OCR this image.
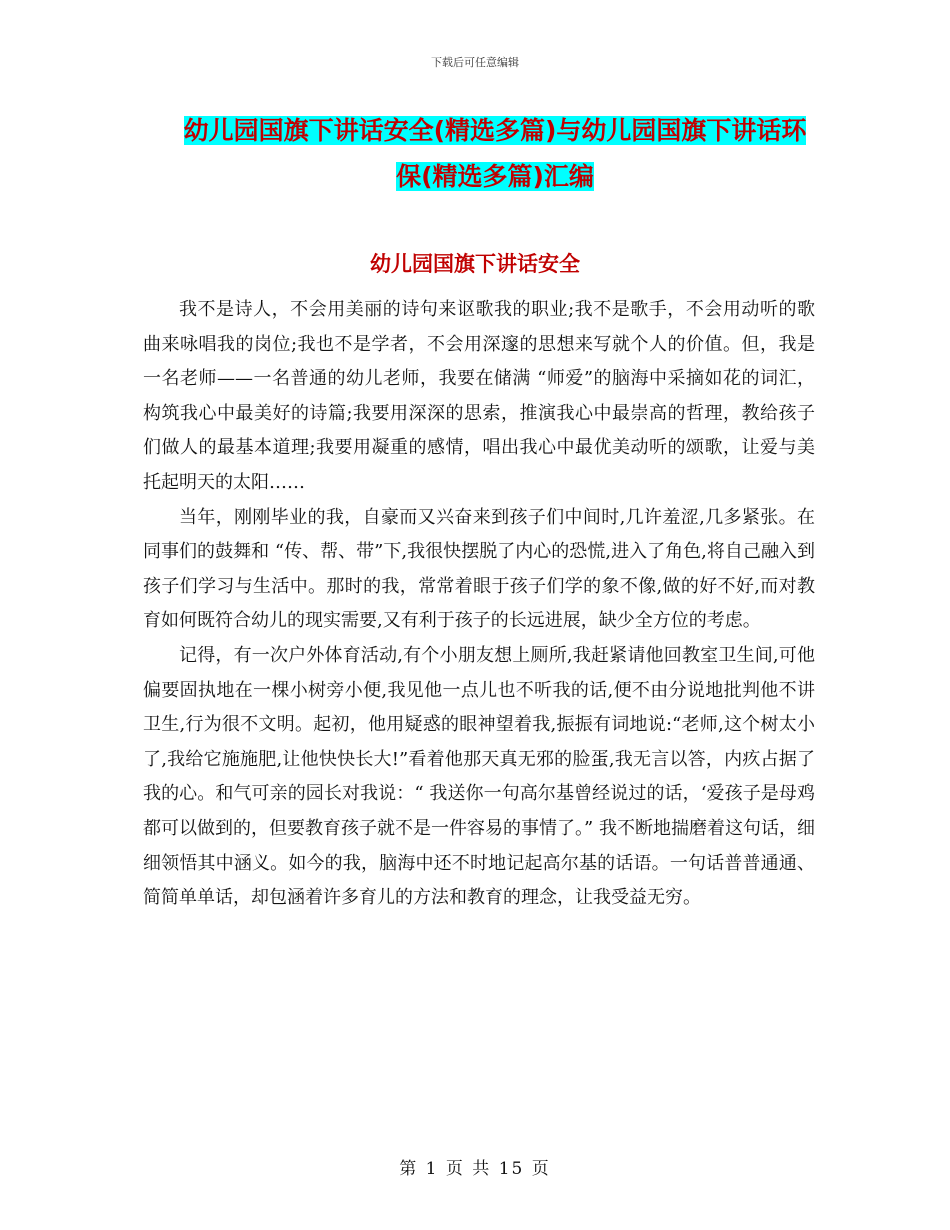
下载后可任意编辑
幼儿园国旗下讲话安全(精选多篇)与幼儿园国旗下讲话环保(精选多篇)汇编
幼儿园国旗下讲话安全

我不是诗人，不会用美丽的诗句来讴歌我的职业;我不是歌手，不会用动听的歌曲来咏唱我的岗位;我也不是学者，不会用深邃的思想来写就个人的价值。但，我是一名老师——一名普通的幼儿老师，我要在储满 “师爱”的脑海中采摘如花的词汇，构筑我心中最美好的诗篇;我要用深深的思索，推演我心中最崇高的哲理，教给孩子们做人的最基本道理;我要用凝重的感情，唱出我心中最优美动听的颂歌，让爱与美托起明天的太阳……

当年，刚刚毕业的我，自豪而又兴奋来到孩子们中间时,几许羞涩,几多紧张。在同事们的鼓舞和 “传、帮、带”下,我很快摆脱了内心的恐慌,进入了角色,将自己融入到孩子们学习与生活中。那时的我，常常着眼于孩子们学的象不像,做的好不好,而对教育如何既符合幼儿的现实需要,又有利于孩子的长远进展，缺少全方位的考虑。

记得，有一次户外体育活动,有个小朋友想上厕所,我赶紧请他回教室卫生间,可他偏要固执地在一棵小树旁小便,我见他一点儿也不听我的话,便不由分说地批判他不讲卫生,行为很不文明。起初，他用疑惑的眼神望着我,振振有词地说:“老师,这个树太小了,我给它施施肥,让他快快长大!”看着他那天真无邪的脸蛋,我无言以答，内疚占据了我的心。和气可亲的园长对我说：“ 我送你一句高尔基曾经说过的话，‘爱孩子是母鸡都可以做到的，但要教育孩子就不是一件容易的事情了。” 我不断地揣磨着这句话，细细领悟其中涵义。如今的我，脑海中还不时地记起高尔基的话语。一句话普普通通、简简单单话，却包涵着许多育儿的方法和教育的理念，让我受益无穷。

第 1 页 共 15 页
